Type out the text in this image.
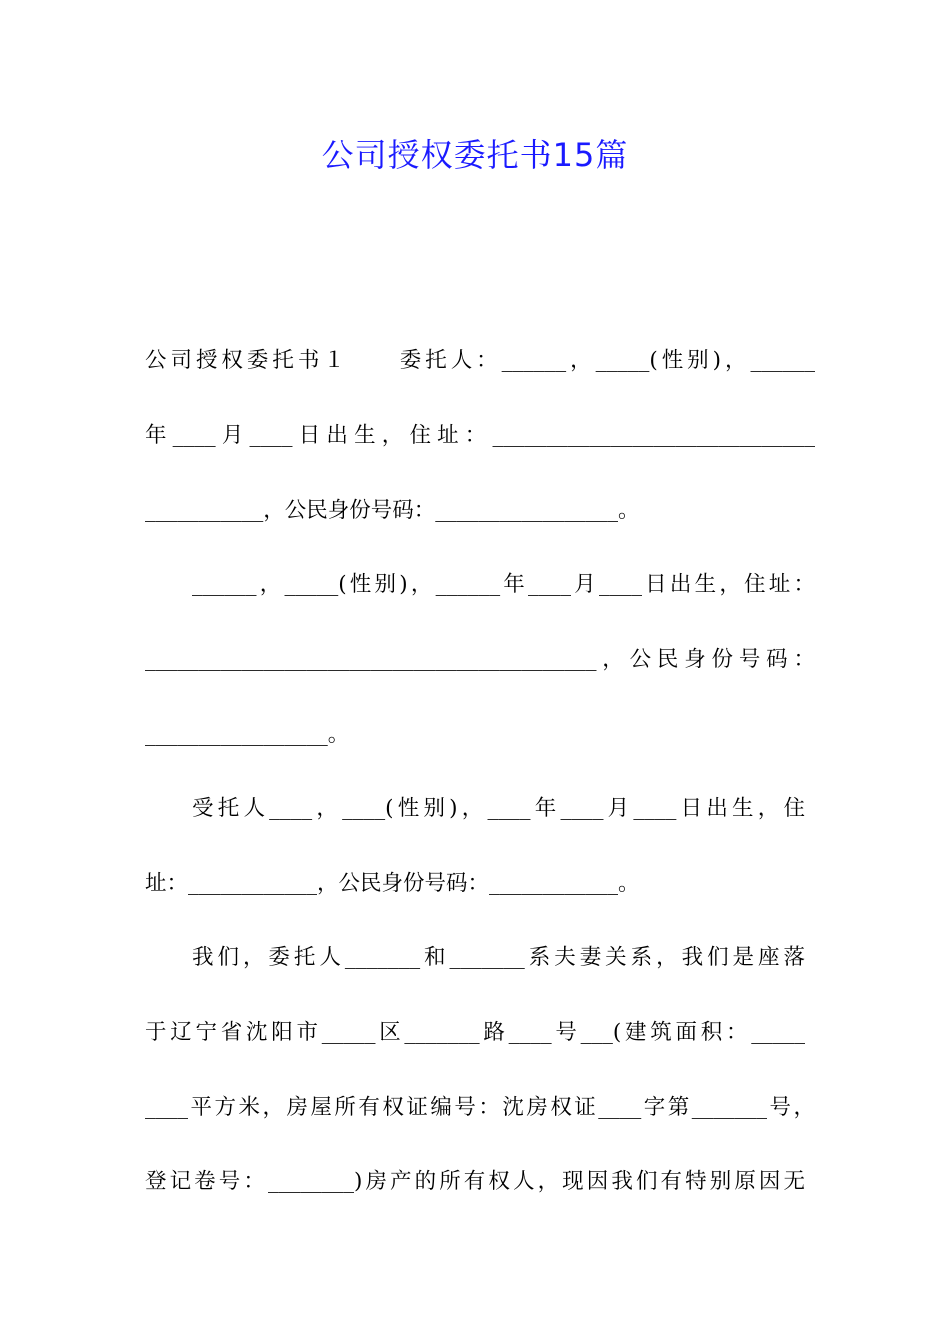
公司授权委托书15篇
公司授权委托书１　　委托人：______，_____(性别)，______
年____月____日出生，住址：______________________________
___________，公民身份号码：_________________。
______，_____(性别)，______年____月____日出生，住址：
__________________________________________，公民身份号码：
_________________。
受托人____，____(性别)，____年____月____日出生，住
址：____________，公民身份号码：____________。
我们，委托人_______和_______系夫妻关系，我们是座落
于辽宁省沈阳市_____区_______路____号___(建筑面积：_____
____平方米，房屋所有权证编号：沈房权证____字第_______号，
登记卷号：________)房产的所有权人，现因我们有特别原因无
